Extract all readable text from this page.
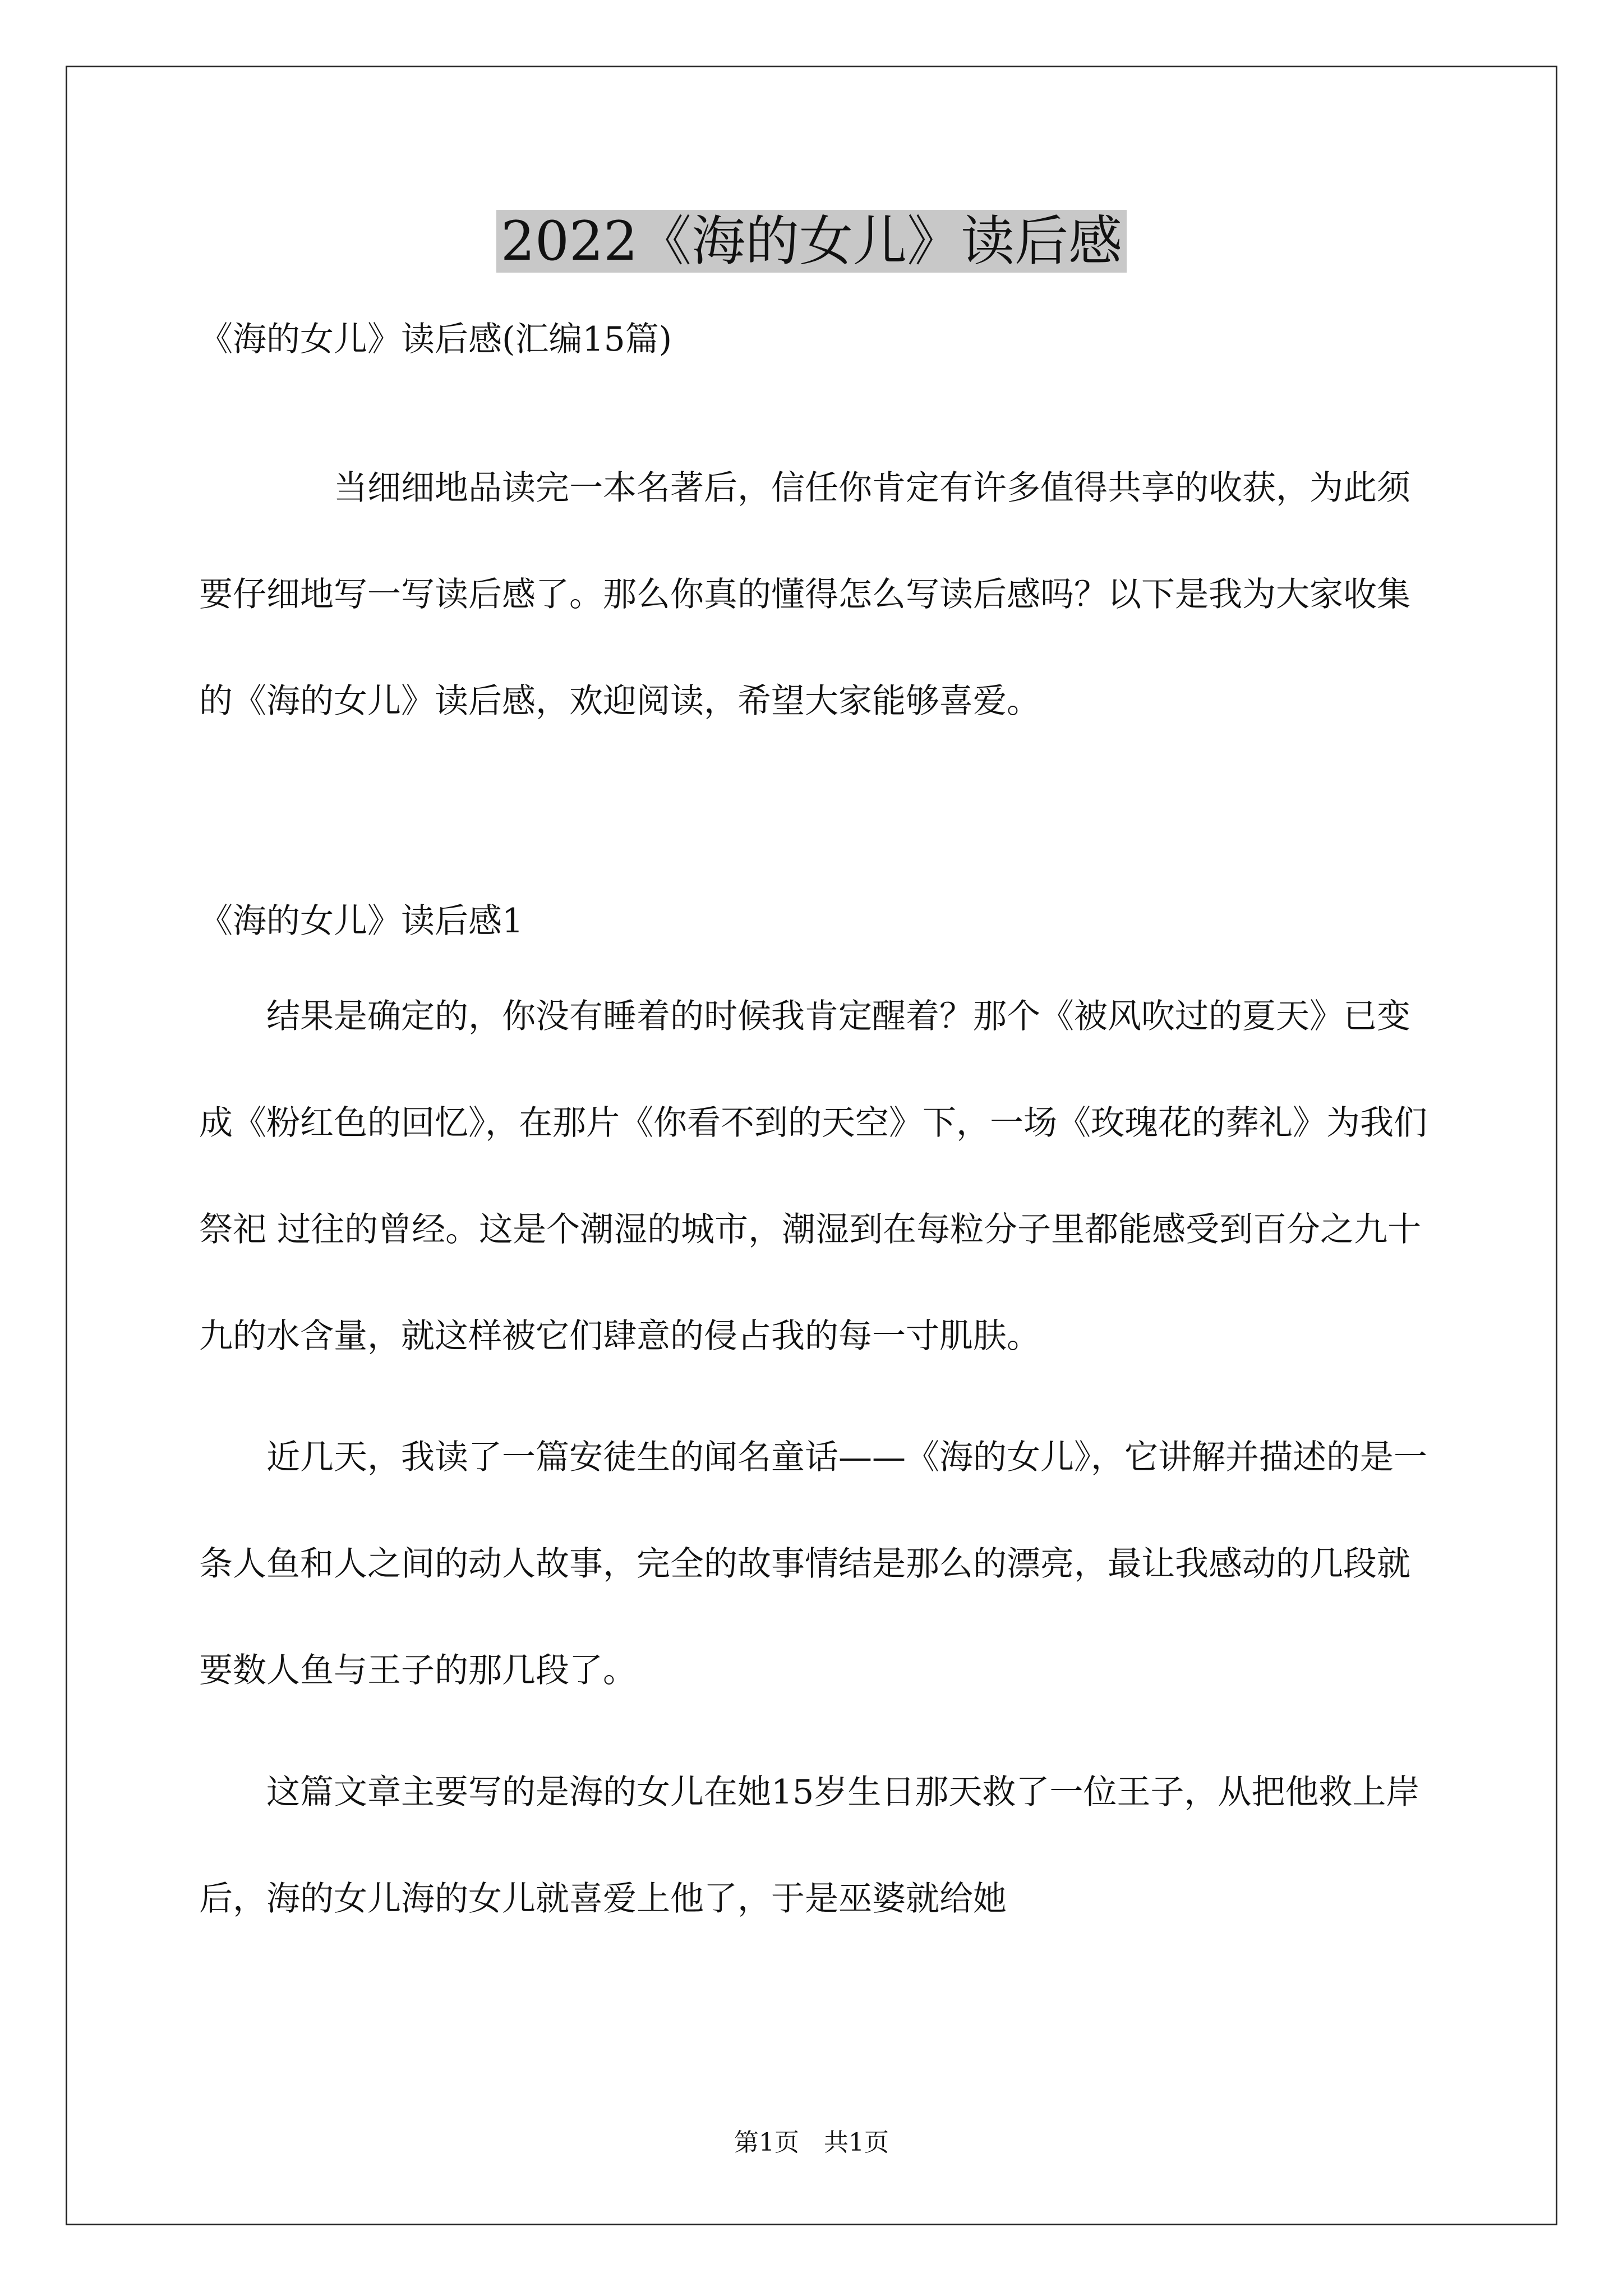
2022《海的女儿》读后感

《海的女儿》读后感(汇编15篇)

当细细地品读完一本名著后，信任你肯定有许多值得共享的收获，为此须要仔细地写一写读后感了。那么你真的懂得怎么写读后感吗？以下是我为大家收集的《海的女儿》读后感，欢迎阅读，希望大家能够喜爱。

《海的女儿》读后感1

结果是确定的，你没有睡着的时候我肯定醒着？那个《被风吹过的夏天》已变成《粉红色的回忆》，在那片《你看不到的天空》下，一场《玫瑰花的葬礼》为我们祭祀 过往的曾经。这是个潮湿的城市，潮湿到在每粒分子里都能感受到百分之九十九的水含量，就这样被它们肆意的侵占我的每一寸肌肤。

近几天，我读了一篇安徒生的闻名童话——《海的女儿》，它讲解并描述的是一条人鱼和人之间的动人故事，完全的故事情结是那么的漂亮，最让我感动的几段就要数人鱼与王子的那几段了。

这篇文章主要写的是海的女儿在她15岁生日那天救了一位王子，从把他救上岸后，海的女儿海的女儿就喜爱上他了，于是巫婆就给她

第1页　共1页
